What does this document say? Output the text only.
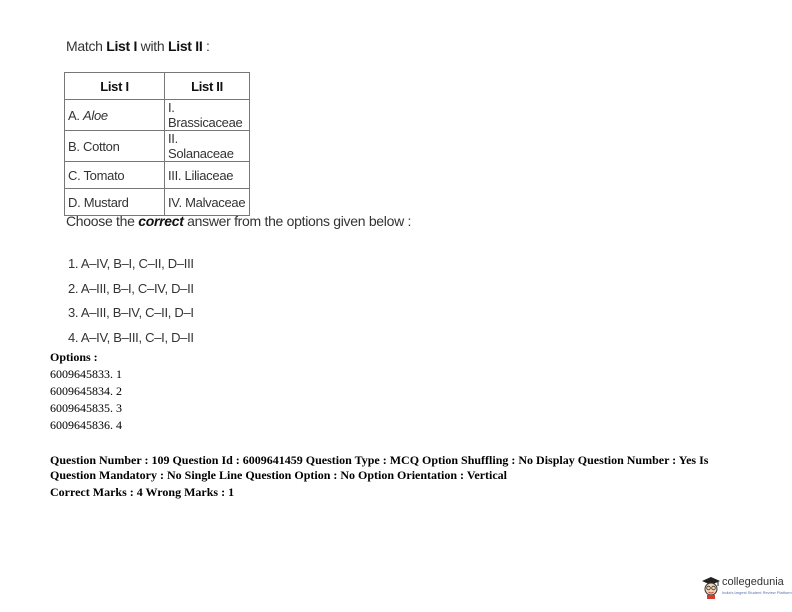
Match List I with List II :
List I	List II
A. Aloe	I. Brassicaceae
B. Cotton	II. Solanaceae
C. Tomato	III. Liliaceae
D. Mustard	IV. Malvaceae
Choose the correct answer from the options given below :
1. A–IV, B–I, C–II, D–III
2. A–III, B–I, C–IV, D–II
3. A–III, B–IV, C–II, D–I
4. A–IV, B–III, C–I, D–II
Options :
6009645833. 1
6009645834. 2
6009645835. 3
6009645836. 4
Question Number : 109 Question Id : 6009641459 Question Type : MCQ Option Shuffling : No Display Question Number : Yes Is Question Mandatory : No Single Line Question Option : No Option Orientation : Vertical
Correct Marks : 4 Wrong Marks : 1
collegedunia
India's largest Student Review Platform
